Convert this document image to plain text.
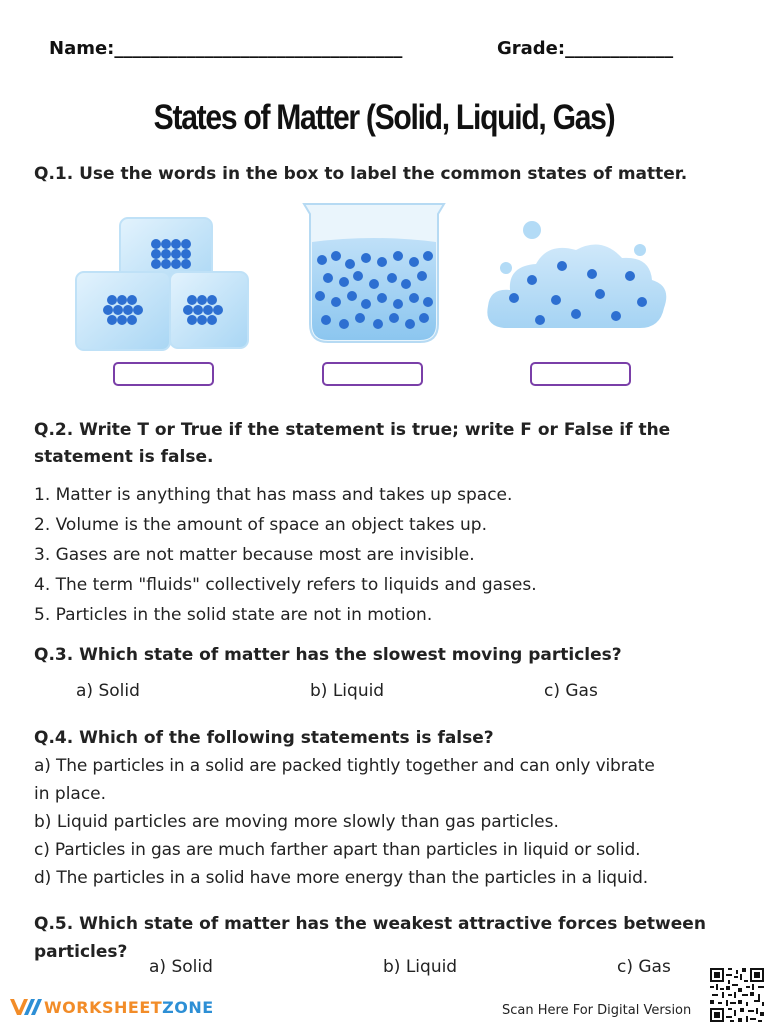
Name:________________________________	Grade:____________
States of Matter (Solid, Liquid, Gas)
Q.1. Use the words in the box to label the common states of matter.
Q.2. Write T or True if the statement is true; write F or False if the
statement is false.
1. Matter is anything that has mass and takes up space.
2. Volume is the amount of space an object takes up.
3. Gases are not matter because most are invisible.
4. The term "fluids" collectively refers to liquids and gases.
5. Particles in the solid state are not in motion.
Q.3. Which state of matter has the slowest moving particles?
a) Solid	b) Liquid	c) Gas
Q.4. Which of the following statements is false?
a) The particles in a solid are packed tightly together and can only vibrate
in place.
b) Liquid particles are moving more slowly than gas particles.
c) Particles in gas are much farther apart than particles in liquid or solid.
d) The particles in a solid have more energy than the particles in a liquid.
Q.5. Which state of matter has the weakest attractive forces between
particles?
a) Solid	b) Liquid	c) Gas
WORKSHEET ZONE	Scan Here For Digital Version
